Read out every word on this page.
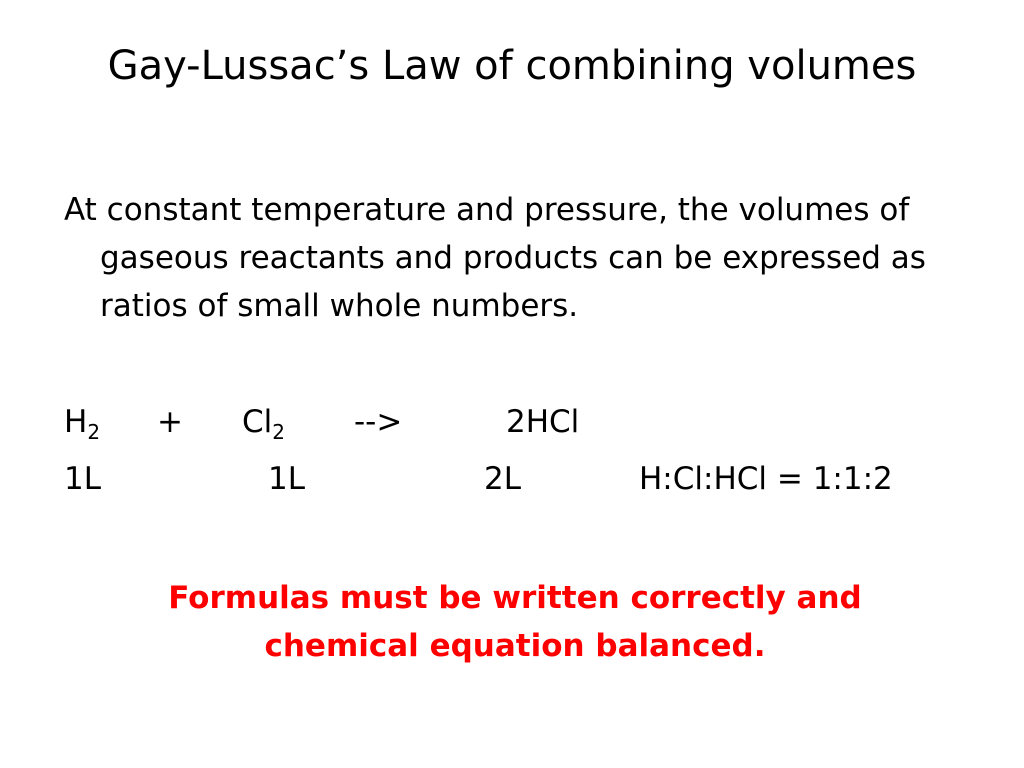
Gay-Lussac’s Law of combining volumes
At constant temperature and pressure, the volumes of gaseous reactants and products can be expressed as ratios of small whole numbers.
$H_2 + Cl_2$ -->	2HCl
1L	1L	2L	H:Cl:HCl = 1:1:2
Formulas must be written correctly and chemical equation balanced.
